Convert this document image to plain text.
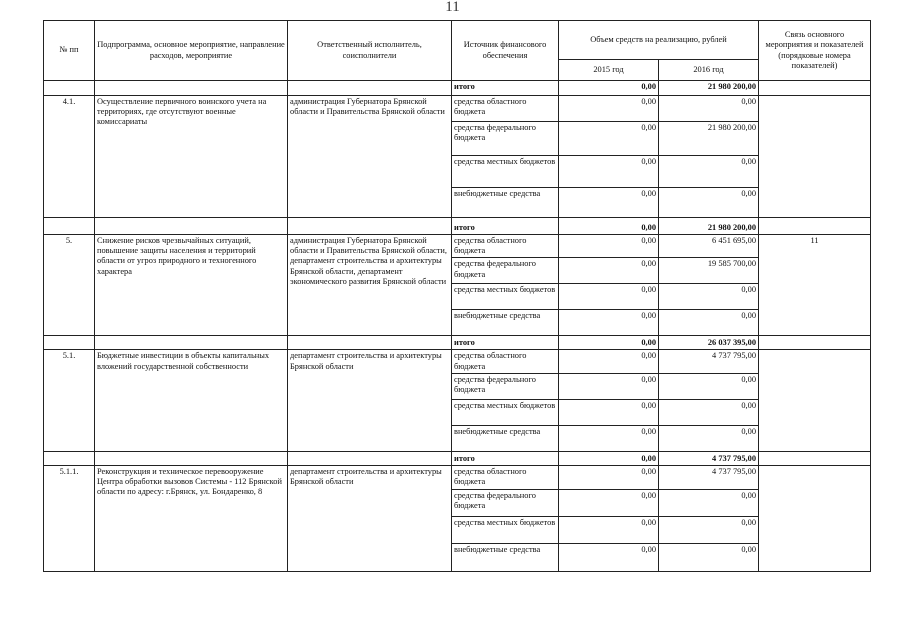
11
№ пп	Подпрограмма, основное мероприятие, направление расходов, мероприятие	Ответственный исполнитель, соисполнители	Источник финансового обеспечения	Объем средств на реализацию, рублей		Связь основного мероприятия и показателей (порядковые номера показателей)
				2015 год	2016 год	
			итого	0,00	21 980 200,00	
4.1.	Осуществление первичного воинского учета на территориях, где отсутствуют военные комиссариаты	администрация Губернатора Брянской области и Правительства Брянской области	средства областного бюджета	0,00	0,00	
			средства федерального бюджета	0,00	21 980 200,00	
			средства местных бюджетов	0,00	0,00	
			внебюджетные средства	0,00	0,00	
			итого	0,00	21 980 200,00	
5.	Снижение рисков чрезвычайных ситуаций, повышение защиты населения и территорий области от угроз природного и техногенного характера	администрация Губернатора Брянской области и Правительства Брянской области, департамент строительства и архитектуры Брянской области, департамент экономического развития Брянской области	средства областного бюджета	0,00	6 451 695,00	11
			средства федерального бюджета	0,00	19 585 700,00	
			средства местных бюджетов	0,00	0,00	
			внебюджетные средства	0,00	0,00	
			итого	0,00	26 037 395,00	
5.1.	Бюджетные инвестиции в объекты капитальных вложений государственной собственности	департамент строительства и архитектуры Брянской области	средства областного бюджета	0,00	4 737 795,00	
			средства федерального бюджета	0,00	0,00	
			средства местных бюджетов	0,00	0,00	
			внебюджетные средства	0,00	0,00	
			итого	0,00	4 737 795,00	
5.1.1.	Реконструкция и техническое перевооружение Центра обработки вызовов Системы - 112 Брянской области по адресу: г.Брянск, ул. Бондаренко, 8	департамент строительства и архитектуры Брянской области	средства областного бюджета	0,00	4 737 795,00	
			средства федерального бюджета	0,00	0,00	
			средства местных бюджетов	0,00	0,00	
			внебюджетные средства	0,00	0,00	
